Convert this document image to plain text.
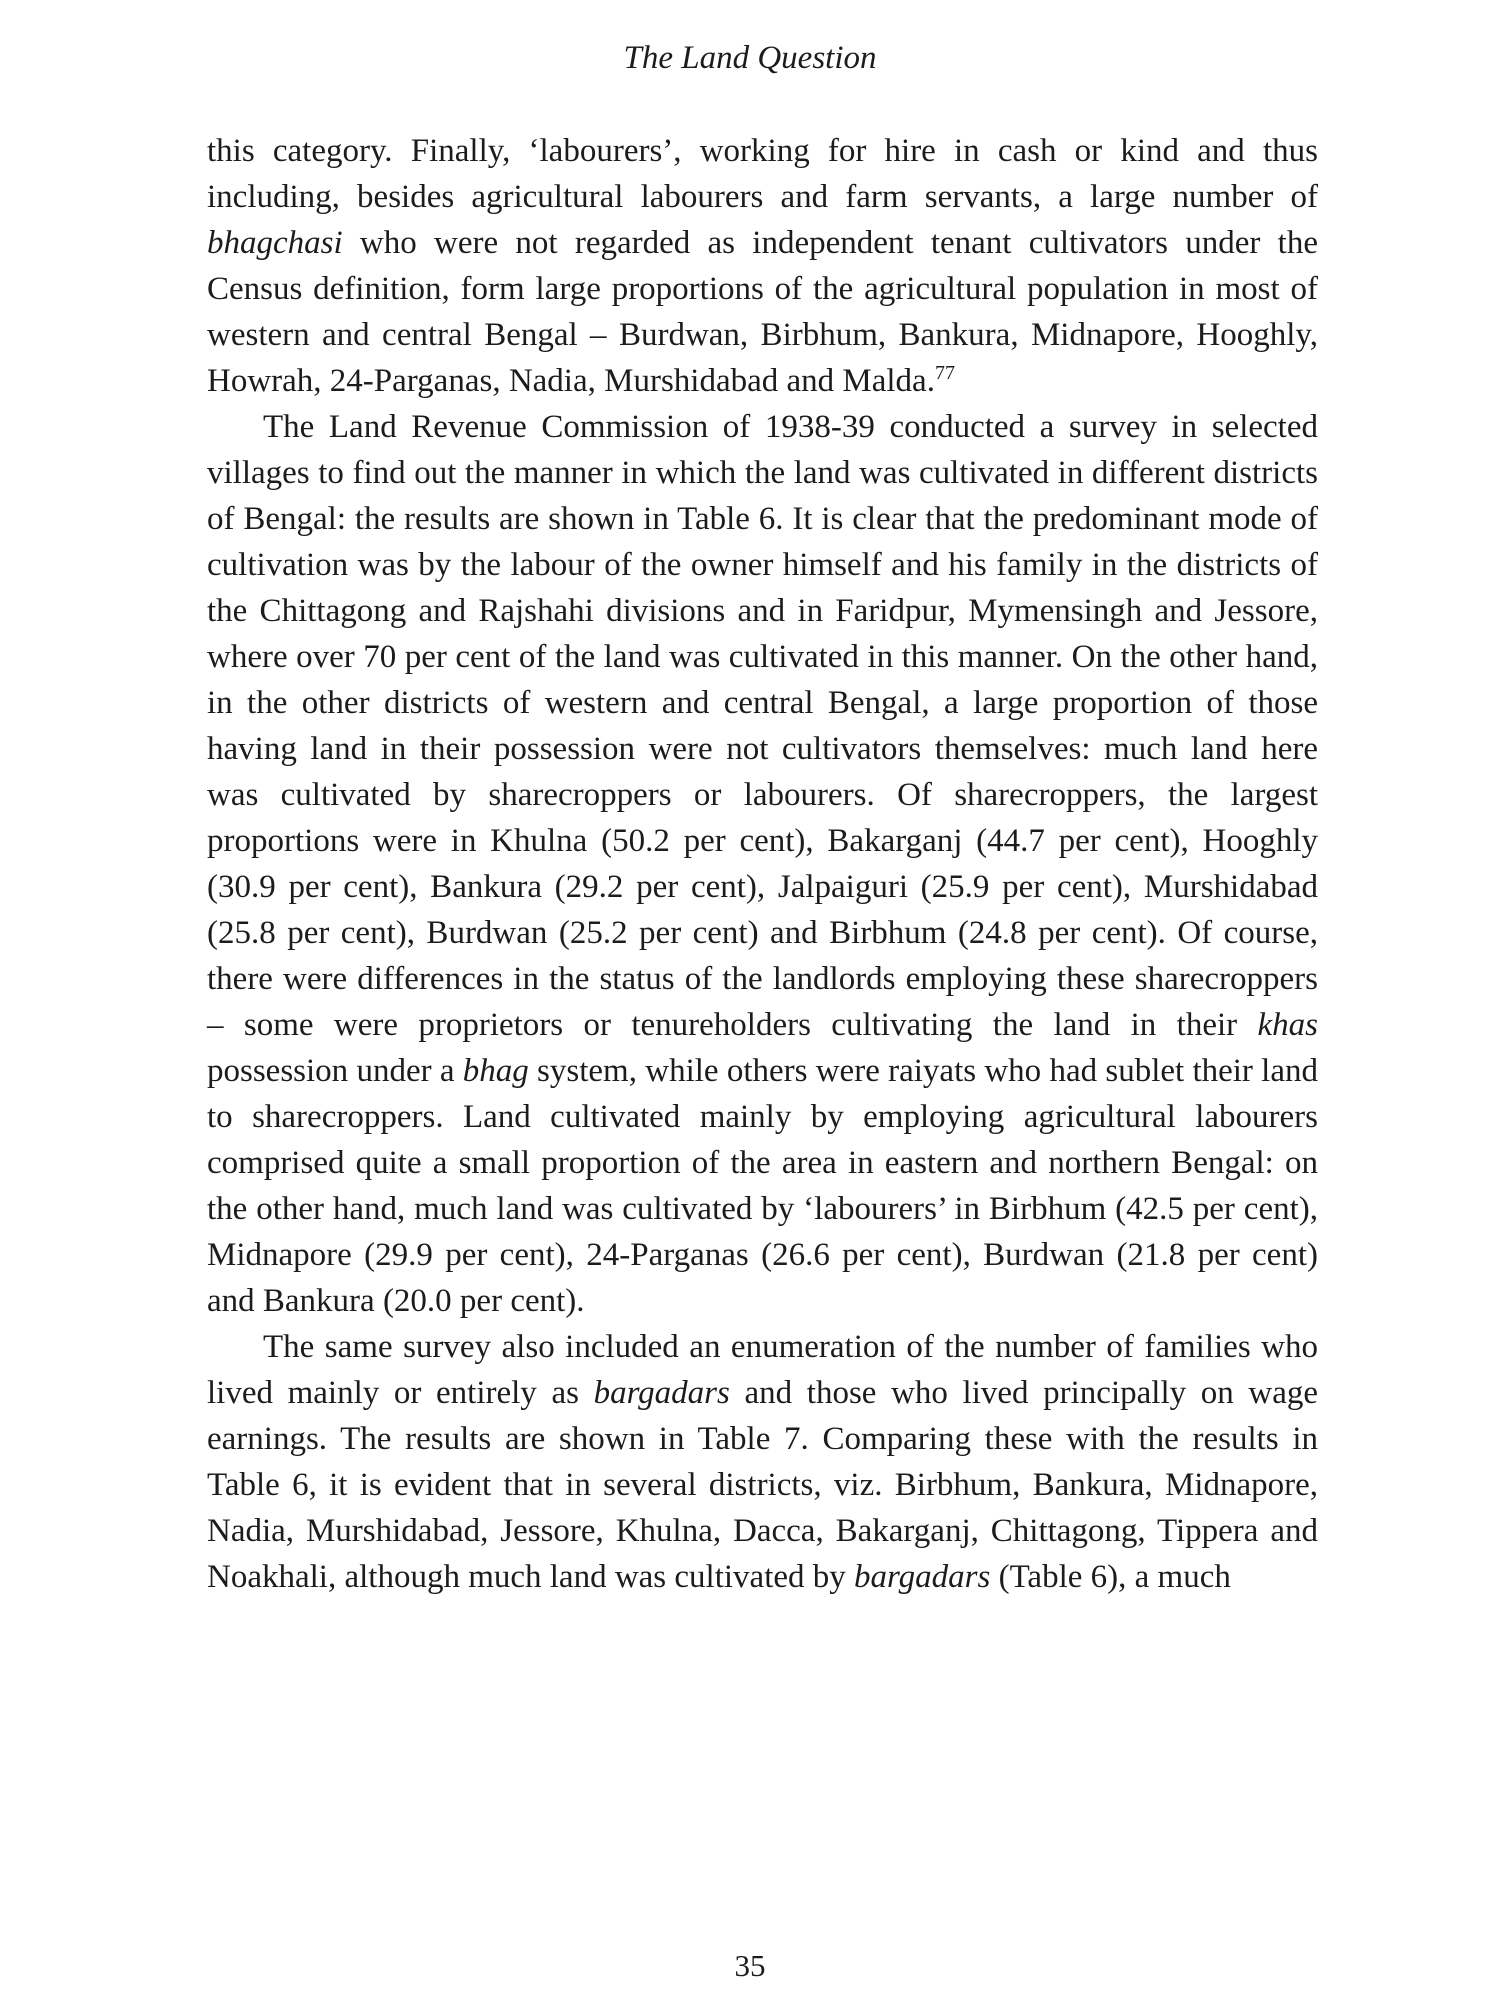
The Land Question

this category. Finally, ‘labourers’, working for hire in cash or kind and thus including, besides agricultural labourers and farm servants, a large number of bhagchasi who were not regarded as independent tenant cultivators under the Census definition, form large proportions of the agricultural population in most of western and central Bengal – Burdwan, Birbhum, Bankura, Midnapore, Hooghly, Howrah, 24-Parganas, Nadia, Murshidabad and Malda.$^{77}$

The Land Revenue Commission of 1938-39 conducted a survey in selected villages to find out the manner in which the land was cultivated in different districts of Bengal: the results are shown in Table 6. It is clear that the predominant mode of cultivation was by the labour of the owner himself and his family in the districts of the Chittagong and Rajshahi divisions and in Faridpur, Mymensingh and Jessore, where over 70 per cent of the land was cultivated in this manner. On the other hand, in the other districts of western and central Bengal, a large proportion of those having land in their possession were not cultivators themselves: much land here was cultivated by sharecroppers or labourers. Of sharecroppers, the largest proportions were in Khulna (50.2 per cent), Bakarganj (44.7 per cent), Hooghly (30.9 per cent), Bankura (29.2 per cent), Jalpaiguri (25.9 per cent), Murshidabad (25.8 per cent), Burdwan (25.2 per cent) and Birbhum (24.8 per cent). Of course, there were differences in the status of the landlords employing these sharecroppers – some were proprietors or tenureholders cultivating the land in their khas possession under a bhag system, while others were raiyats who had sublet their land to sharecroppers. Land cultivated mainly by employing agricultural labourers comprised quite a small proportion of the area in eastern and northern Bengal: on the other hand, much land was cultivated by ‘labourers’ in Birbhum (42.5 per cent), Midnapore (29.9 per cent), 24-Parganas (26.6 per cent), Burdwan (21.8 per cent) and Bankura (20.0 per cent).

The same survey also included an enumeration of the number of families who lived mainly or entirely as bargadars and those who lived principally on wage earnings. The results are shown in Table 7. Comparing these with the results in Table 6, it is evident that in several districts, viz. Birbhum, Bankura, Midnapore, Nadia, Murshidabad, Jessore, Khulna, Dacca, Bakarganj, Chittagong, Tippera and Noakhali, although much land was cultivated by bargadars (Table 6), a much

35
